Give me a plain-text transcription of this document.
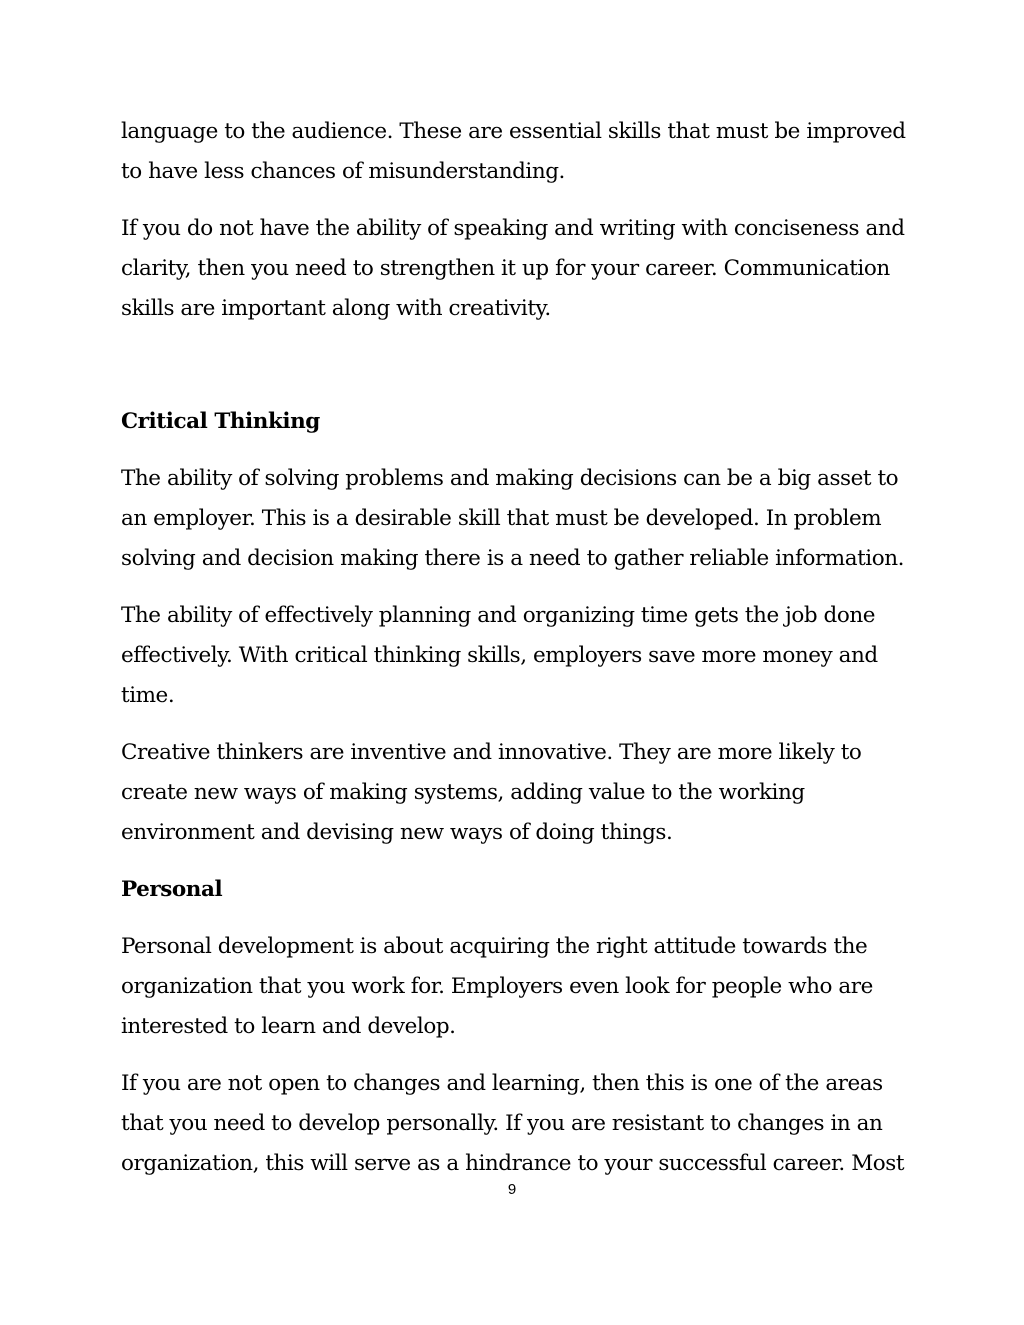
language to the audience. These are essential skills that must be improved to have less chances of misunderstanding.

If you do not have the ability of speaking and writing with conciseness and clarity, then you need to strengthen it up for your career. Communication skills are important along with creativity.

Critical Thinking

The ability of solving problems and making decisions can be a big asset to an employer. This is a desirable skill that must be developed. In problem solving and decision making there is a need to gather reliable information.

The ability of effectively planning and organizing time gets the job done effectively. With critical thinking skills, employers save more money and time.

Creative thinkers are inventive and innovative. They are more likely to create new ways of making systems, adding value to the working environment and devising new ways of doing things.

Personal

Personal development is about acquiring the right attitude towards the organization that you work for. Employers even look for people who are interested to learn and develop.

If you are not open to changes and learning, then this is one of the areas that you need to develop personally. If you are resistant to changes in an organization, this will serve as a hindrance to your successful career. Most

9
